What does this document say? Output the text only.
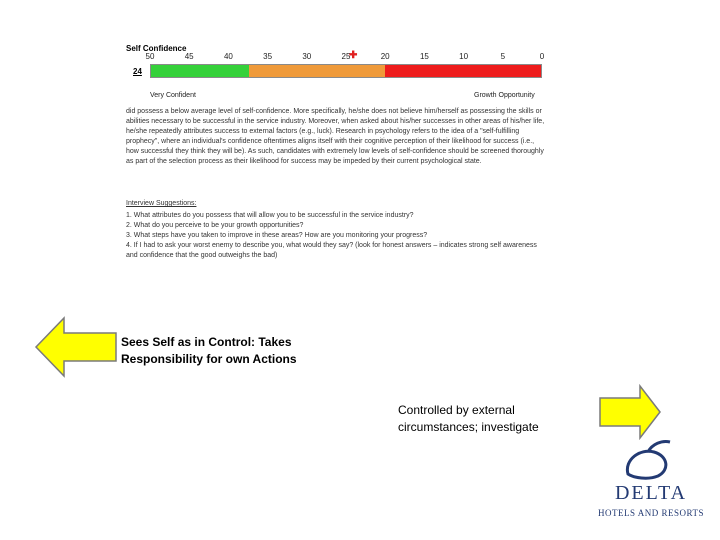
Self Confidence
✚
24
50	45	40	35	30	25	20	15	10	5	0
Very Confident	Growth Opportunity
did possess a below average level of self-confidence. More specifically, he/she does not believe him/herself as possessing the skills or abilities necessary to be successful in the service industry. Moreover, when asked about his/her successes in other areas of his/her life, he/she repeatedly attributes success to external factors (e.g., luck). Research in psychology refers to the idea of a "self-fulfilling prophecy", where an individual's confidence oftentimes aligns itself with their cognitive perception of their likelihood for success (i.e., how successful they think they will be). As such, candidates with extremely low levels of self-confidence should be screened thoroughly as part of the selection process as their likelihood for success may be impeded by their current psychological state.
Interview Suggestions:
1. What attributes do you possess that will allow you to be successful in the service industry?
2. What do you perceive to be your growth opportunities?
3. What steps have you taken to improve in these areas? How are you monitoring your progress?
4. If I had to ask your worst enemy to describe you, what would they say? (look for honest answers – indicates strong self awareness and confidence that the good outweighs the bad)
Sees Self as in Control: Takes Responsibility for own Actions
Controlled by external circumstances; investigate
DELTA
HOTELS AND RESORTS
